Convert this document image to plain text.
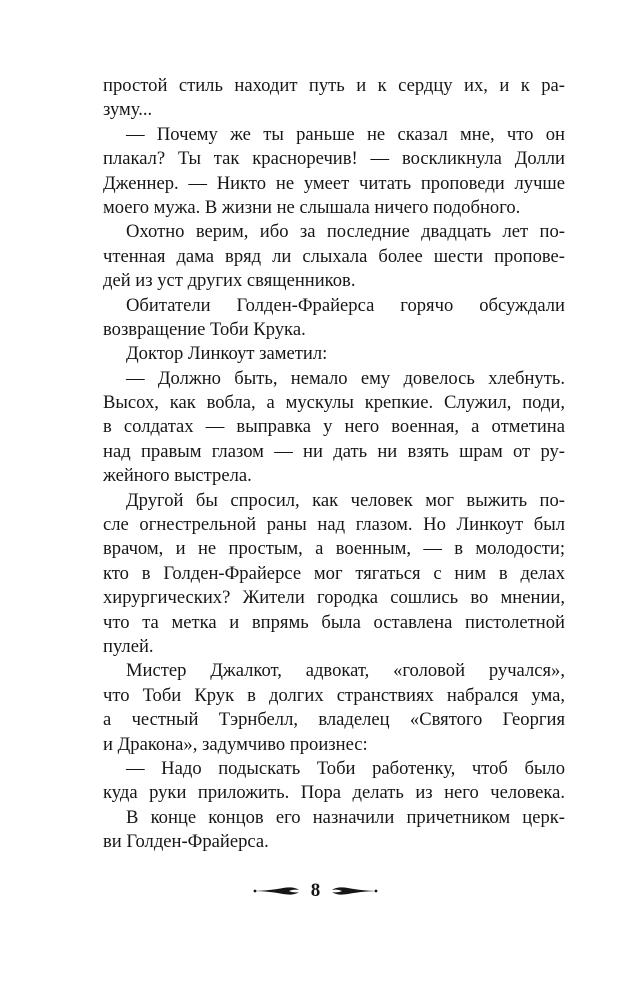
простой стиль находит путь и к сердцу их, и к ра-
зуму...
— Почему же ты раньше не сказал мне, что он
плакал? Ты так красноречив! — воскликнула Долли
Дженнер. — Никто не умеет читать проповеди лучше
моего мужа. В жизни не слышала ничего подобного.
Охотно верим, ибо за последние двадцать лет по-
чтенная дама вряд ли слыхала более шести пропове-
дей из уст других священников.
Обитатели Голден-Фрайерса горячо обсуждали
возвращение Тоби Крука.
Доктор Линкоут заметил:
— Должно быть, немало ему довелось хлебнуть.
Высох, как вобла, а мускулы крепкие. Служил, поди,
в солдатах — выправка у него военная, а отметина
над правым глазом — ни дать ни взять шрам от ру-
жейного выстрела.
Другой бы спросил, как человек мог выжить по-
сле огнестрельной раны над глазом. Но Линкоут был
врачом, и не простым, а военным, — в молодости;
кто в Голден-Фрайерсе мог тягаться с ним в делах
хирургических? Жители городка сошлись во мнении,
что та метка и впрямь была оставлена пистолетной
пулей.
Мистер Джалкот, адвокат, «головой ручался»,
что Тоби Крук в долгих странствиях набрался ума,
а честный Тэрнбелл, владелец «Святого Георгия
и Дракона», задумчиво произнес:
— Надо подыскать Тоби работенку, чтоб было
куда руки приложить. Пора делать из него человека.
В конце концов его назначили причетником церк-
ви Голден-Фрайерса.
8
